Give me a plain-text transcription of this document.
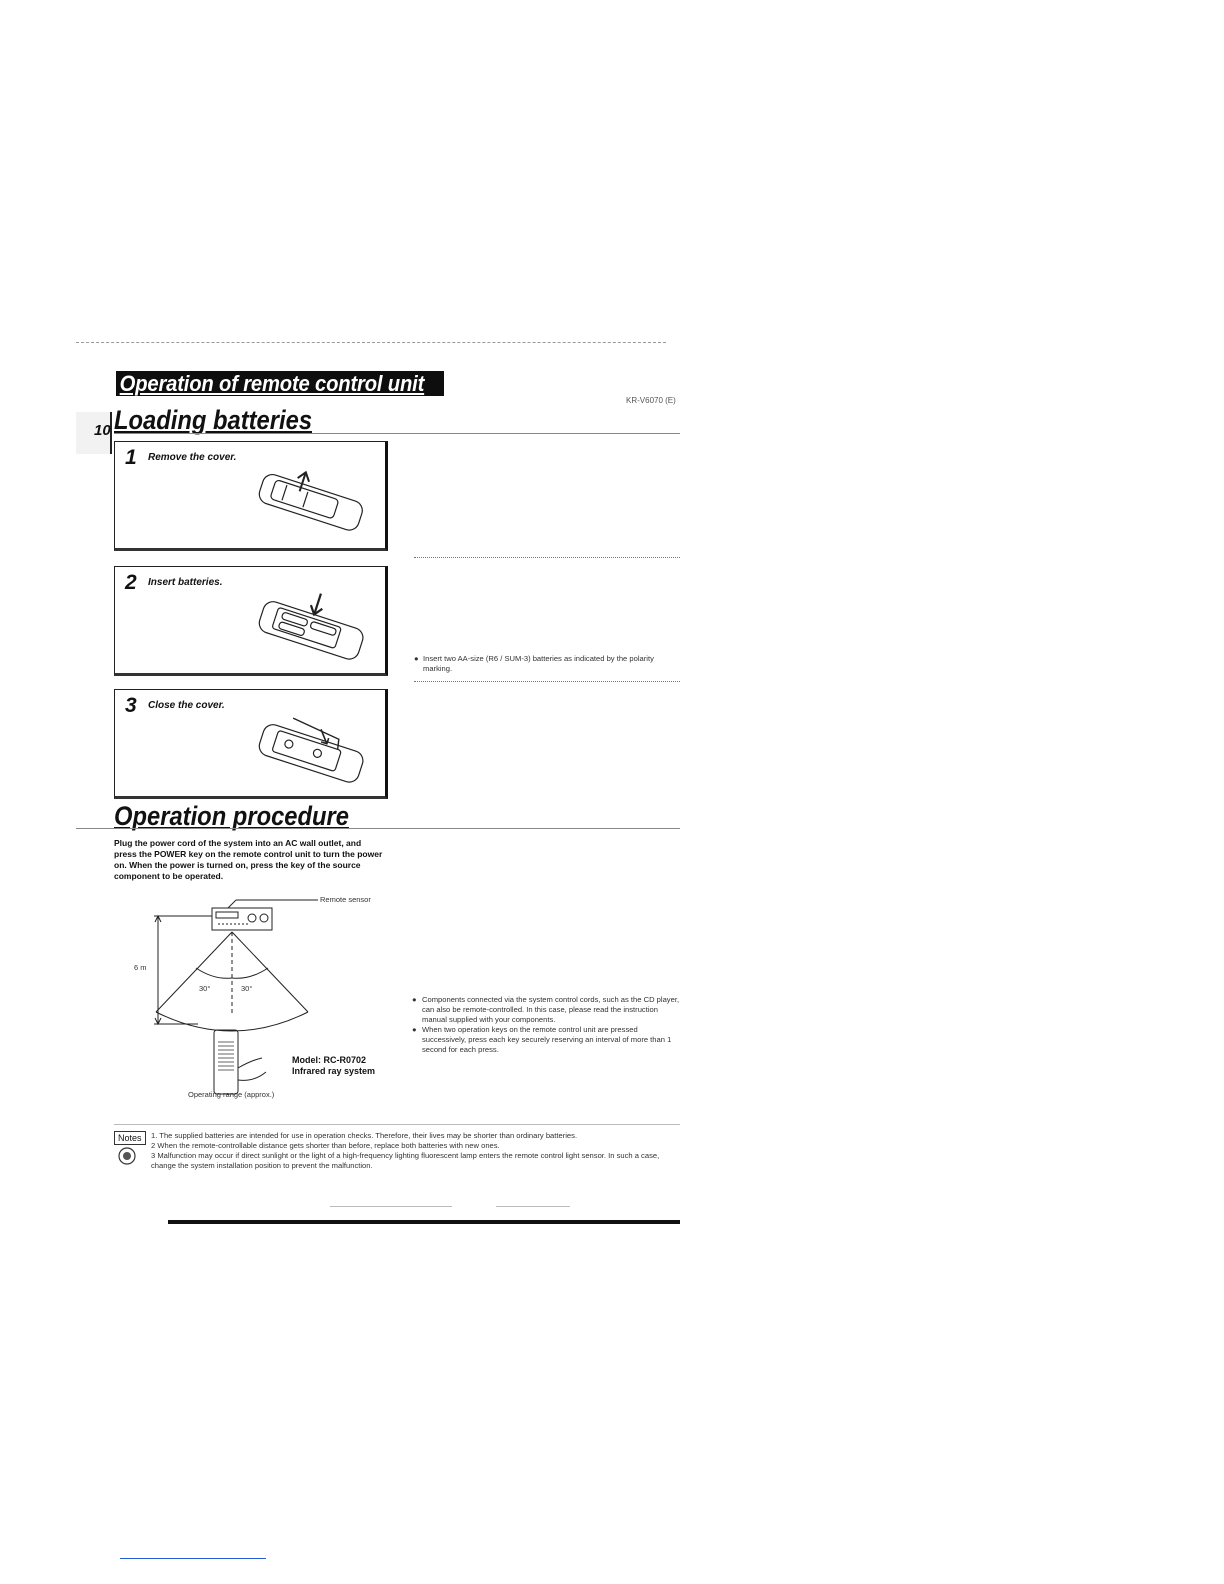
Operation of remote control unit
KR-V6070 (E)
10 Loading batteries
1 Remove the cover.
2 Insert batteries.
3 Close the cover.
● Insert two AA-size (R6 / SUM-3) batteries as indicated by the polarity marking.
Operation procedure
Plug the power cord of the system into an AC wall outlet, and press the POWER key on the remote control unit to turn the power on. When the power is turned on, press the key of the source component to be operated.
Remote sensor
6 m
30°	30°
Model: RC-R0702
Infrared ray system
Operating range (approx.)
● Components connected via the system control cords, such as the CD player, can also be remote-controlled. In this case, please read the instruction manual supplied with your components.
● When two operation keys on the remote control unit are pressed successively, press each key securely reserving an interval of more than 1 second for each press.
Notes	1. The supplied batteries are intended for use in operation checks. Therefore, their lives may be shorter than ordinary batteries.
2 When the remote-controllable distance gets shorter than before, replace both batteries with new ones.
3 Malfunction may occur if direct sunlight or the light of a high-frequency lighting fluorescent lamp enters the remote control light sensor. In such a case, change the system installation position to prevent the malfunction.
